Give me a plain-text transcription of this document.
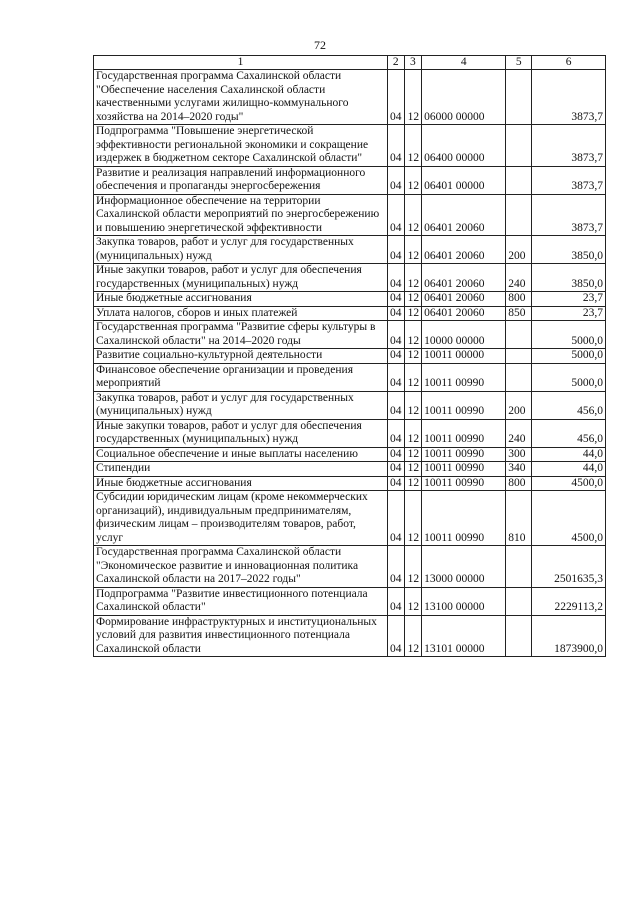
72
1	2	3	4	5	6
Государственная программа Сахалинской области "Обеспечение населения Сахалинской области качественными услугами жилищно-коммунального хозяйства на 2014–2020 годы"	04	12	06000 00000		3873,7
Подпрограмма "Повышение энергетической эффективности региональной экономики и сокращение издержек в бюджетном секторе Сахалинской области"	04	12	06400 00000		3873,7
Развитие и реализация направлений информационного обеспечения и пропаганды энергосбережения	04	12	06401 00000		3873,7
Информационное обеспечение на территории Сахалинской области мероприятий по энергосбережению и повышению энергетической эффективности	04	12	06401 20060		3873,7
Закупка товаров, работ и услуг для государственных (муниципальных) нужд	04	12	06401 20060	200	3850,0
Иные закупки товаров, работ и услуг для обеспечения государственных (муниципальных) нужд	04	12	06401 20060	240	3850,0
Иные бюджетные ассигнования	04	12	06401 20060	800	23,7
Уплата налогов, сборов и иных платежей	04	12	06401 20060	850	23,7
Государственная программа "Развитие сферы культуры в Сахалинской области" на 2014–2020 годы	04	12	10000 00000		5000,0
Развитие социально-культурной деятельности	04	12	10011 00000		5000,0
Финансовое обеспечение организации и проведения мероприятий	04	12	10011 00990		5000,0
Закупка товаров, работ и услуг для государственных (муниципальных) нужд	04	12	10011 00990	200	456,0
Иные закупки товаров, работ и услуг для обеспечения государственных (муниципальных) нужд	04	12	10011 00990	240	456,0
Социальное обеспечение и иные выплаты населению	04	12	10011 00990	300	44,0
Стипендии	04	12	10011 00990	340	44,0
Иные бюджетные ассигнования	04	12	10011 00990	800	4500,0
Субсидии юридическим лицам (кроме некоммерческих организаций), индивидуальным предпринимателям, физическим лицам – производителям товаров, работ, услуг	04	12	10011 00990	810	4500,0
Государственная программа Сахалинской области "Экономическое развитие и инновационная политика Сахалинской области на 2017–2022 годы"	04	12	13000 00000		2501635,3
Подпрограмма "Развитие инвестиционного потенциала Сахалинской области"	04	12	13100 00000		2229113,2
Формирование инфраструктурных и институциональных условий для развития инвестиционного потенциала Сахалинской области	04	12	13101 00000		1873900,0
